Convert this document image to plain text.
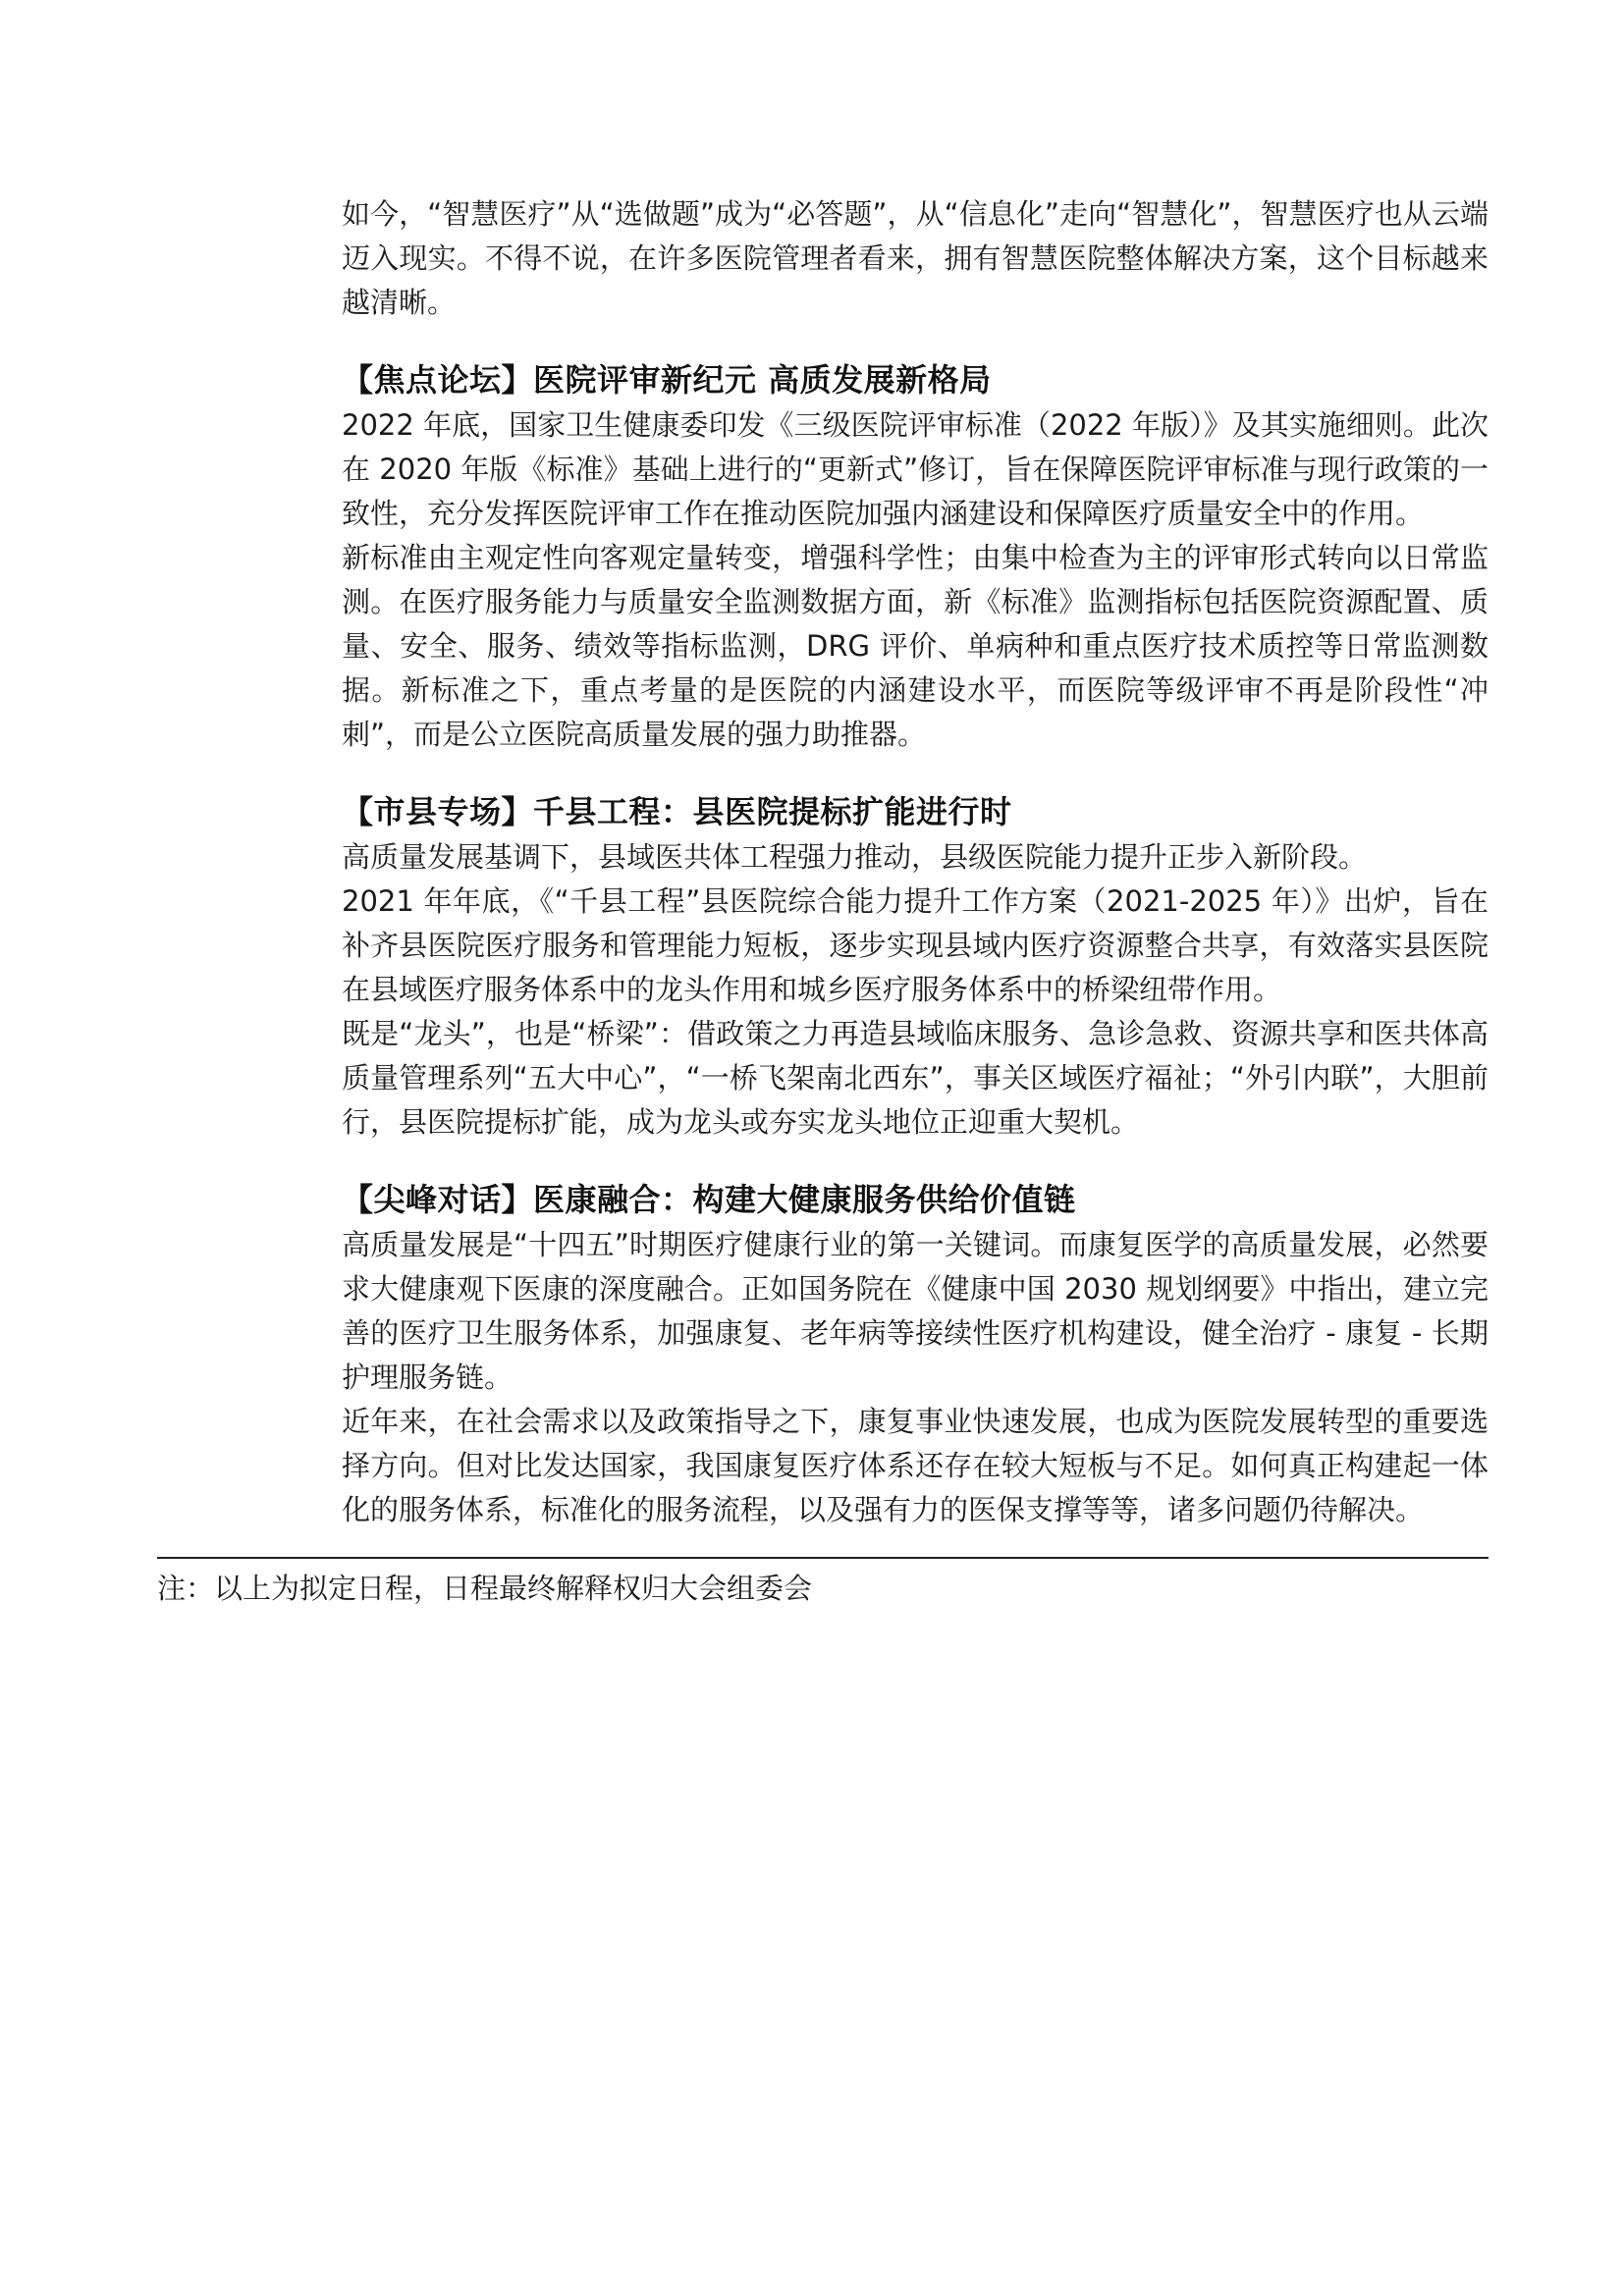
如今，“智慧医疗”从“选做题”成为“必答题”，从“信息化”走向“智慧化”，智慧医疗也从云端迈入现实。不得不说，在许多医院管理者看来，拥有智慧医院整体解决方案，这个目标越来越清晰。

【焦点论坛】医院评审新纪元 高质发展新格局

2022 年底，国家卫生健康委印发《三级医院评审标准（2022 年版）》及其实施细则。此次在 2020 年版《标准》基础上进行的“更新式”修订，旨在保障医院评审标准与现行政策的一致性，充分发挥医院评审工作在推动医院加强内涵建设和保障医疗质量安全中的作用。

新标准由主观定性向客观定量转变，增强科学性；由集中检查为主的评审形式转向以日常监测。在医疗服务能力与质量安全监测数据方面，新《标准》监测指标包括医院资源配置、质量、安全、服务、绩效等指标监测，DRG 评价、单病种和重点医疗技术质控等日常监测数据。新标准之下，重点考量的是医院的内涵建设水平，而医院等级评审不再是阶段性“冲刺”，而是公立医院高质量发展的强力助推器。

【市县专场】千县工程：县医院提标扩能进行时

高质量发展基调下，县域医共体工程强力推动，县级医院能力提升正步入新阶段。

2021 年年底，《“千县工程”县医院综合能力提升工作方案（2021-2025 年）》出炉，旨在补齐县医院医疗服务和管理能力短板，逐步实现县域内医疗资源整合共享，有效落实县医院在县域医疗服务体系中的龙头作用和城乡医疗服务体系中的桥梁纽带作用。

既是“龙头”，也是“桥梁”：借政策之力再造县域临床服务、急诊急救、资源共享和医共体高质量管理系列“五大中心”，“一桥飞架南北西东”，事关区域医疗福祉；“外引内联”，大胆前行，县医院提标扩能，成为龙头或夯实龙头地位正迎重大契机。

【尖峰对话】医康融合：构建大健康服务供给价值链

高质量发展是“十四五”时期医疗健康行业的第一关键词。而康复医学的高质量发展，必然要求大健康观下医康的深度融合。正如国务院在《健康中国 2030 规划纲要》中指出，建立完善的医疗卫生服务体系，加强康复、老年病等接续性医疗机构建设，健全治疗 - 康复 - 长期护理服务链。

近年来，在社会需求以及政策指导之下，康复事业快速发展，也成为医院发展转型的重要选择方向。但对比发达国家，我国康复医疗体系还存在较大短板与不足。如何真正构建起一体化的服务体系，标准化的服务流程，以及强有力的医保支撑等等，诸多问题仍待解决。

注：以上为拟定日程，日程最终解释权归大会组委会
